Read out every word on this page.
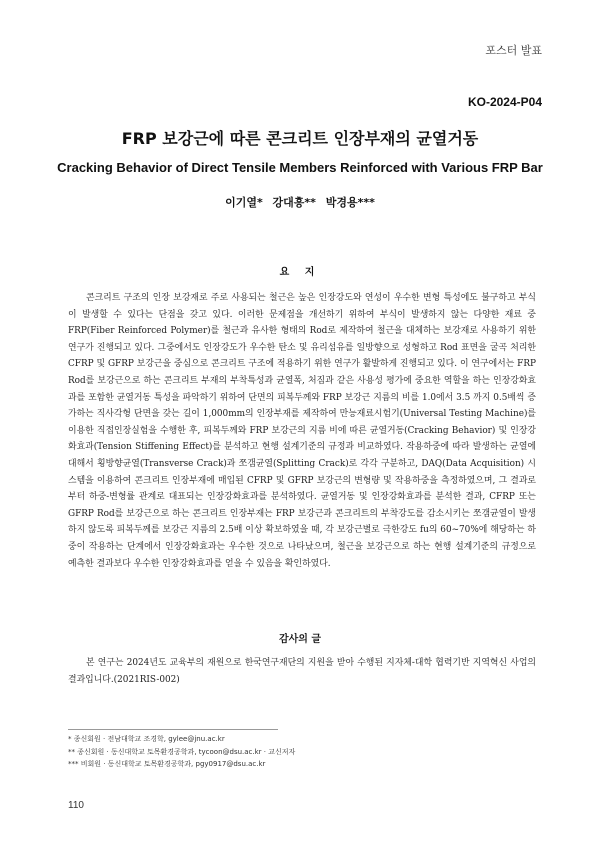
포스터 발표
KO-2024-P04
FRP 보강근에 따른 콘크리트 인장부재의 균열거동
Cracking Behavior of Direct Tensile Members Reinforced with Various FRP Bar
이기열* 강대흥** 박경용***
요 지

콘크리트 구조의 인장 보강재로 주로 사용되는 철근은 높은 인장강도와 연성이 우수한 변형 특성에도 불구하고 부식이 발생할 수 있다는 단점을 갖고 있다. 이러한 문제점을 개선하기 위하여 부식이 발생하지 않는 다양한 재료 중 FRP(Fiber Reinforced Polymer)를 철근과 유사한 형태의 Rod로 제작하여 철근을 대체하는 보강재로 사용하기 위한 연구가 진행되고 있다. 그중에서도 인장강도가 우수한 탄소 및 유리섬유를 일방향으로 성형하고 Rod 표면을 굴곡 처리한 CFRP 및 GFRP 보강근을 중심으로 콘크리트 구조에 적용하기 위한 연구가 활발하게 진행되고 있다. 이 연구에서는 FRP Rod를 보강근으로 하는 콘크리트 부재의 부착특성과 균열폭, 처짐과 같은 사용성 평가에 중요한 역할을 하는 인장강화효과를 포함한 균열거동 특성을 파악하기 위하여 단면의 피복두께와 FRP 보강근 지름의 비를 1.0에서 3.5 까지 0.5배씩 증가하는 직사각형 단면을 갖는 길이 1,000mm의 인장부재를 제작하여 만능재료시험기(Universal Testing Machine)를 이용한 직접인장실험을 수행한 후, 피복두께와 FRP 보강근의 지름 비에 따른 균열거동(Cracking Behavior) 및 인장강화효과(Tension Stiffening Effect)를 분석하고 현행 설계기준의 규정과 비교하였다. 작용하중에 따라 발생하는 균열에 대해서 횡방향균열(Transverse Crack)과 쪼갬균열(Splitting Crack)로 각각 구분하고, DAQ(Data Acquisition) 시스템을 이용하여 콘크리트 인장부재에 매입된 CFRP 및 GFRP 보강근의 변형량 및 작용하중을 측정하였으며, 그 결과로부터 하중-변형률 관계로 대표되는 인장강화효과를 분석하였다. 균열거동 및 인장강화효과를 분석한 결과, CFRP 또는 GFRP Rod를 보강근으로 하는 콘크리트 인장부재는 FRP 보강근과 콘크리트의 부착강도를 감소시키는 쪼갬균열이 발생하지 않도록 피복두께를 보강근 지름의 2.5배 이상 확보하였을 때, 각 보강근별로 극한강도 fu의 60~70%에 해당하는 하중이 작용하는 단계에서 인장강화효과는 우수한 것으로 나타났으며, 철근을 보강근으로 하는 현행 설계기준의 규정으로 예측한 결과보다 우수한 인장강화효과를 얻을 수 있음을 확인하였다.

감사의 글

본 연구는 2024년도 교육부의 재원으로 한국연구재단의 지원을 받아 수행된 지자체-대학 협력기반 지역혁신 사업의 결과입니다.(2021RIS-002)

* 종신회원 · 전남대학교 조경학, gylee@jnu.ac.kr
** 종신회원 · 동신대학교 토목환경공학과, tycoon@dsu.ac.kr · 교신저자
*** 비회원 · 동신대학교 토목환경공학과, pgy0917@dsu.ac.kr
110
